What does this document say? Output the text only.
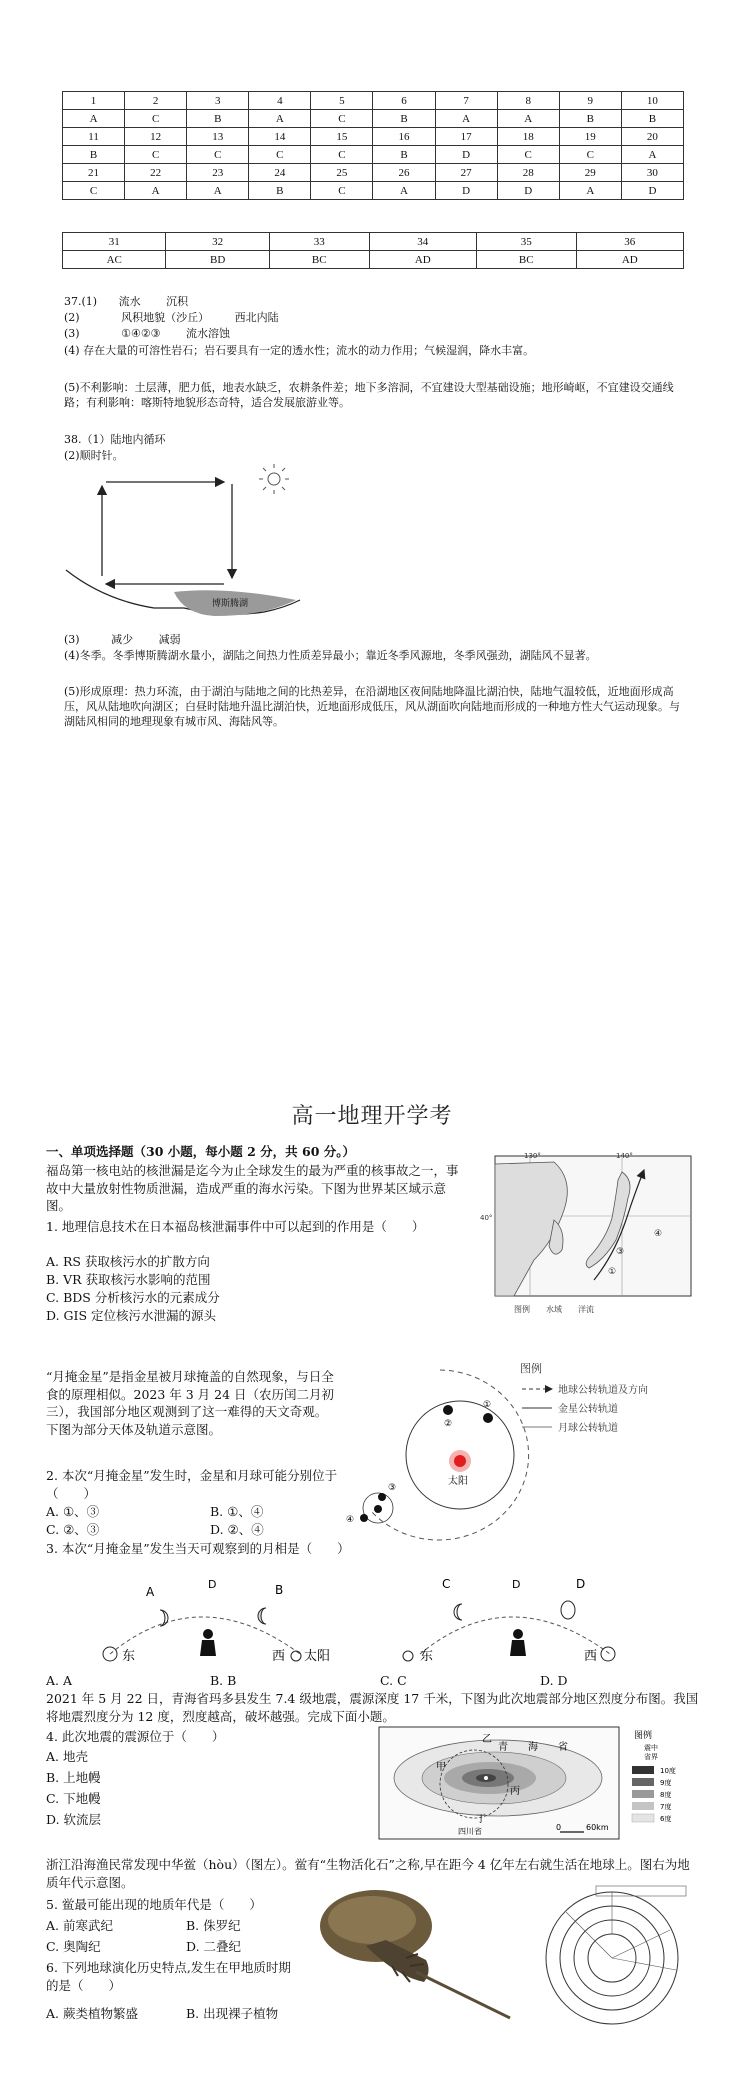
1	2	3	4	5	6	7	8	9	10
A	C	B	A	C	B	A	A	B	B
11	12	13	14	15	16	17	18	19	20
B	C	C	C	C	B	D	C	C	A
21	22	23	24	25	26	27	28	29	30
C	A	A	B	C	A	D	D	A	D
31	32	33	34	35	36
AC	BD	BC	AD	BC	AD
37.(1) 流水 沉积
(2)	风积地貌（沙丘） 西北内陆
(3)	①④②③ 流水溶蚀
(4) 存在大量的可溶性岩石；岩石要具有一定的透水性；流水的动力作用；气候湿润，降水丰富。
(5)不利影响：土层薄，肥力低，地表水缺乏，农耕条件差；地下多溶洞，不宜建设大型基础设施；地形崎岖，不宜建设交通线路；有利影响：喀斯特地貌形态奇特，适合发展旅游业等。
38.（1）陆地内循环
(2)顺时针。
博斯腾湖
(3)	减少 减弱
(4)冬季。冬季博斯腾湖水量小，湖陆之间热力性质差异最小；靠近冬季风源地，冬季风强劲，湖陆风不显著。
(5)形成原理：热力环流，由于湖泊与陆地之间的比热差异，在沿湖地区夜间陆地降温比湖泊快，陆地气温较低，近地面形成高压，风从陆地吹向湖区；白昼时陆地升温比湖泊快，近地面形成低压，风从湖面吹向陆地而形成的一种地方性大气运动现象。与湖陆风相同的地理现象有城市风、海陆风等。
高一地理开学考
一、单项选择题（30 小题，每小题 2 分，共 60 分。）
福岛第一核电站的核泄漏是迄今为止全球发生的最为严重的核事故之一，事故中大量放射性物质泄漏，造成严重的海水污染。下图为世界某区域示意图。
1. 地理信息技术在日本福岛核泄漏事件中可以起到的作用是（　　）
A. RS 获取核污水的扩散方向
B. VR 获取核污水影响的范围
C. BDS 分析核污水的元素成分
D. GIS 定位核污水泄漏的源头
130°	140°
40°
④
③
①
图例　　水域　　洋流
“月掩金星”是指金星被月球掩盖的自然现象，与日全食的原理相似。2023 年 3 月 24 日（农历闰二月初三），我国部分地区观测到了这一难得的天文奇观。下图为部分天体及轨道示意图。
2. 本次“月掩金星”发生时，金星和月球可能分别位于（　　）
A. ①、③	B. ①、④
C. ②、③	D. ②、④
3. 本次“月掩金星”发生当天可观察到的月相是（　　）
太阳
①
②
③
④
图例
地球公转轨道及方向
金星公转轨道
月球公转轨道
东
A
D	B
西 太阳	东
C	D	D
西
A. A	B. B	C. C	D. D
2021 年 5 月 22 日，青海省玛多县发生 7.4 级地震，震源深度 17 千米，下图为此次地震部分地区烈度分布图。我国将地震烈度分为 12 度，烈度越高，破坏越强。完成下面小题。
4. 此次地震的震源位于（　　）
A. 地壳
B. 上地幔
C. 下地幔
D. 软流层
青　　海　　省
甲
乙
丙
丁
四川省	0	60km
图例
震中
省界
10度
9度
8度
7度
6度
浙江沿海渔民常发现中华鲎（hòu）（图左）。鲎有“生物活化石”之称,早在距今 4 亿年左右就生活在地球上。图右为地质年代示意图。
5. 鲎最可能出现的地质年代是（　　）
A. 前寒武纪	B. 侏罗纪
C. 奥陶纪	D. 二叠纪
6. 下列地球演化历史特点,发生在甲地质时期的是（　　）
A. 蕨类植物繁盛	B. 出现裸子植物
